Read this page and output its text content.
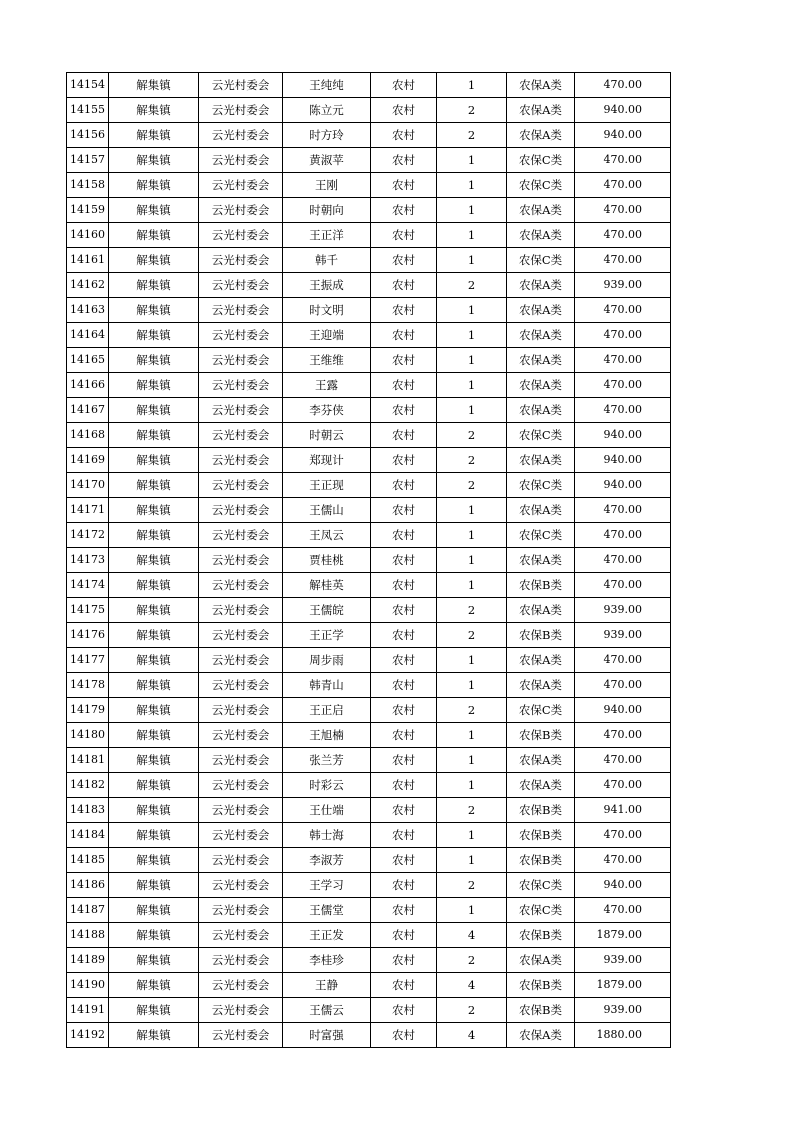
14154	解集镇	云光村委会	王纯纯	农村	1	农保A类	470.00
14155	解集镇	云光村委会	陈立元	农村	2	农保A类	940.00
14156	解集镇	云光村委会	时方玲	农村	2	农保A类	940.00
14157	解集镇	云光村委会	黄淑苹	农村	1	农保C类	470.00
14158	解集镇	云光村委会	王刚	农村	1	农保C类	470.00
14159	解集镇	云光村委会	时朝向	农村	1	农保A类	470.00
14160	解集镇	云光村委会	王正洋	农村	1	农保A类	470.00
14161	解集镇	云光村委会	韩千	农村	1	农保C类	470.00
14162	解集镇	云光村委会	王振成	农村	2	农保A类	939.00
14163	解集镇	云光村委会	时文明	农村	1	农保A类	470.00
14164	解集镇	云光村委会	王迎端	农村	1	农保A类	470.00
14165	解集镇	云光村委会	王维维	农村	1	农保A类	470.00
14166	解集镇	云光村委会	王露	农村	1	农保A类	470.00
14167	解集镇	云光村委会	李芬侠	农村	1	农保A类	470.00
14168	解集镇	云光村委会	时朝云	农村	2	农保C类	940.00
14169	解集镇	云光村委会	郑现计	农村	2	农保A类	940.00
14170	解集镇	云光村委会	王正现	农村	2	农保C类	940.00
14171	解集镇	云光村委会	王儒山	农村	1	农保A类	470.00
14172	解集镇	云光村委会	王凤云	农村	1	农保C类	470.00
14173	解集镇	云光村委会	贾桂桃	农村	1	农保A类	470.00
14174	解集镇	云光村委会	解桂英	农村	1	农保B类	470.00
14175	解集镇	云光村委会	王儒皖	农村	2	农保A类	939.00
14176	解集镇	云光村委会	王正学	农村	2	农保B类	939.00
14177	解集镇	云光村委会	周步雨	农村	1	农保A类	470.00
14178	解集镇	云光村委会	韩青山	农村	1	农保A类	470.00
14179	解集镇	云光村委会	王正启	农村	2	农保C类	940.00
14180	解集镇	云光村委会	王旭楠	农村	1	农保B类	470.00
14181	解集镇	云光村委会	张兰芳	农村	1	农保A类	470.00
14182	解集镇	云光村委会	时彩云	农村	1	农保A类	470.00
14183	解集镇	云光村委会	王仕端	农村	2	农保B类	941.00
14184	解集镇	云光村委会	韩士海	农村	1	农保B类	470.00
14185	解集镇	云光村委会	李淑芳	农村	1	农保B类	470.00
14186	解集镇	云光村委会	王学习	农村	2	农保C类	940.00
14187	解集镇	云光村委会	王儒堂	农村	1	农保C类	470.00
14188	解集镇	云光村委会	王正发	农村	4	农保B类	1879.00
14189	解集镇	云光村委会	李桂珍	农村	2	农保A类	939.00
14190	解集镇	云光村委会	王静	农村	4	农保B类	1879.00
14191	解集镇	云光村委会	王儒云	农村	2	农保B类	939.00
14192	解集镇	云光村委会	时富强	农村	4	农保A类	1880.00
